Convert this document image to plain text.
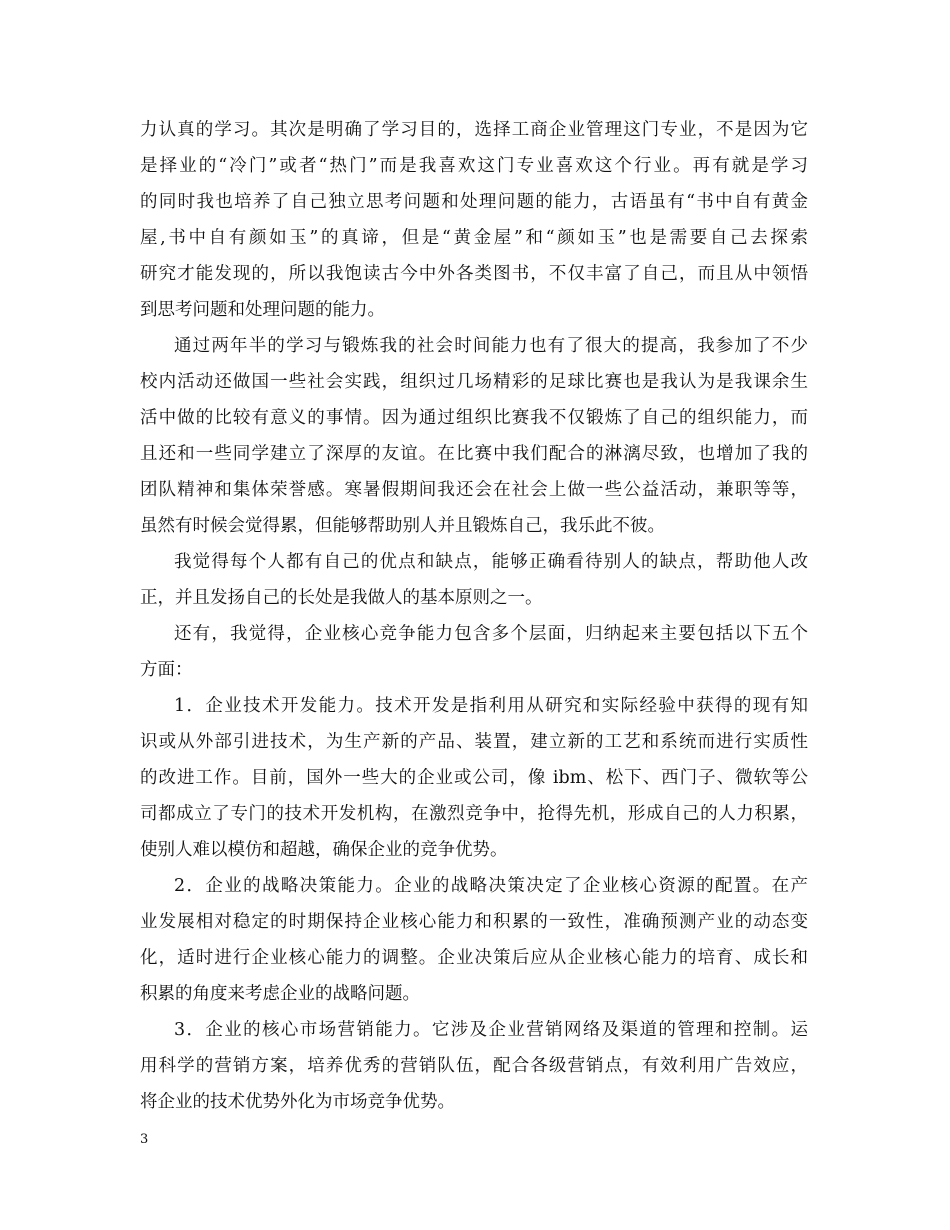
力认真的学习。其次是明确了学习目的，选择工商企业管理这门专业，不是因为它
是择业的“冷门”或者“热门”而是我喜欢这门专业喜欢这个行业。再有就是学习
的同时我也培养了自己独立思考问题和处理问题的能力，古语虽有“书中自有黄金
屋,书中自有颜如玉”的真谛，但是“黄金屋”和“颜如玉”也是需要自己去探索
研究才能发现的，所以我饱读古今中外各类图书，不仅丰富了自己，而且从中领悟
到思考问题和处理问题的能力。
通过两年半的学习与锻炼我的社会时间能力也有了很大的提高，我参加了不少
校内活动还做国一些社会实践，组织过几场精彩的足球比赛也是我认为是我课余生
活中做的比较有意义的事情。因为通过组织比赛我不仅锻炼了自己的组织能力，而
且还和一些同学建立了深厚的友谊。在比赛中我们配合的淋漓尽致，也增加了我的
团队精神和集体荣誉感。寒暑假期间我还会在社会上做一些公益活动，兼职等等，
虽然有时候会觉得累，但能够帮助别人并且锻炼自己，我乐此不彼。
我觉得每个人都有自己的优点和缺点，能够正确看待别人的缺点，帮助他人改
正，并且发扬自己的长处是我做人的基本原则之一。
还有，我觉得，企业核心竞争能力包含多个层面，归纳起来主要包括以下五个
方面：
1．企业技术开发能力。技术开发是指利用从研究和实际经验中获得的现有知
识或从外部引进技术，为生产新的产品、装置，建立新的工艺和系统而进行实质性
的改进工作。目前，国外一些大的企业或公司，像 ibm、松下、西门子、微软等公
司都成立了专门的技术开发机构，在激烈竞争中，抢得先机，形成自己的人力积累，
使别人难以模仿和超越，确保企业的竞争优势。
2．企业的战略决策能力。企业的战略决策决定了企业核心资源的配置。在产
业发展相对稳定的时期保持企业核心能力和积累的一致性，准确预测产业的动态变
化，适时进行企业核心能力的调整。企业决策后应从企业核心能力的培育、成长和
积累的角度来考虑企业的战略问题。
3．企业的核心市场营销能力。它涉及企业营销网络及渠道的管理和控制。运
用科学的营销方案，培养优秀的营销队伍，配合各级营销点，有效利用广告效应，
将企业的技术优势外化为市场竞争优势。
3
